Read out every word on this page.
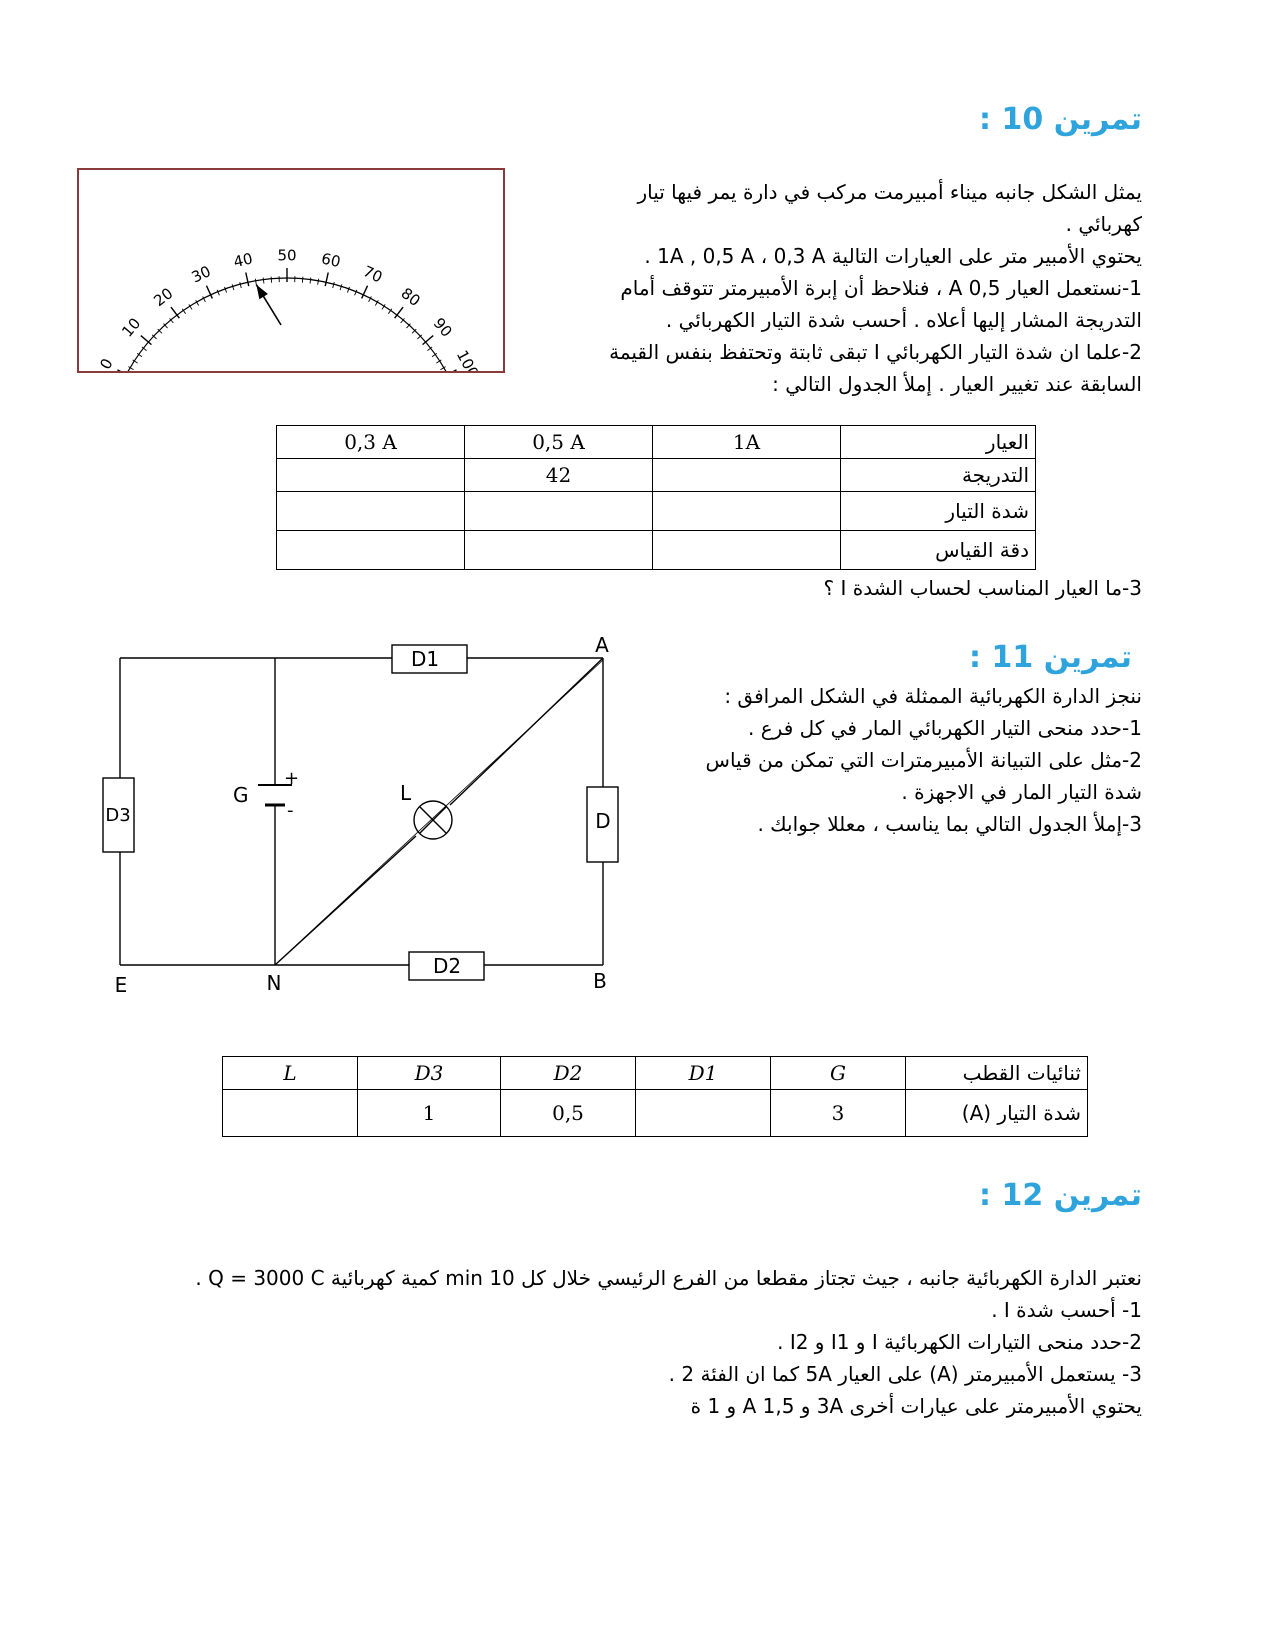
تمرين 10 :
0
10
20
30
40 50 60
70
80
90
100
يمثل الشكل جانبه ميناء أمبيرمت مركب في دارة يمر فيها تيار
كهربائي .
يحتوي الأمبير متر على العيارات التالية 1A , 0,5 A ، 0,3 A .
1-نستعمل العيار 0,5 A ، فنلاحظ أن إبرة الأمبيرمتر تتوقف أمام
التدريجة المشار إليها أعلاه . أحسب شدة التيار الكهربائي .
2-علما ان شدة التيار الكهربائي I تبقى ثابتة وتحتفظ بنفس القيمة
السابقة عند تغيير العيار . إملأ الجدول التالي :
0,3 A	0,5 A	1A	العيار
	42		التدريجة
			شدة التيار
			دقة القياس
3-ما العيار المناسب لحساب الشدة I ؟
تمرين 11 :
ننجز الدارة الكهربائية الممثلة في الشكل المرافق :
1-حدد منحى التيار الكهربائي المار في كل فرع .
2-مثل على التبيانة الأمبيرمترات التي تمكن من قياس
شدة التيار المار في الاجهزة .
3-إملأ الجدول التالي بما يناسب ، معللا جوابك .
D1
D2
D3	D
G	L
+
-
A
B
N
E
L	D3	D2	D1	G	ثنائيات القطب
	1	0,5		3	شدة التيار (A)
تمرين 12 :
نعتبر الدارة الكهربائية جانبه ، جيث تجتاز مقطعا من الفرع الرئيسي خلال كل 10 min كمية كهربائية Q = 3000 C .
1- أحسب شدة I .
2-حدد منحى التيارات الكهربائية I و I1 و I2 .
3- يستعمل الأمبيرمتر (A) على العيار 5A كما ان الفئة 2 .
يحتوي الأمبيرمتر على عيارات أخرى 3A و 1,5 A و 1 ة
